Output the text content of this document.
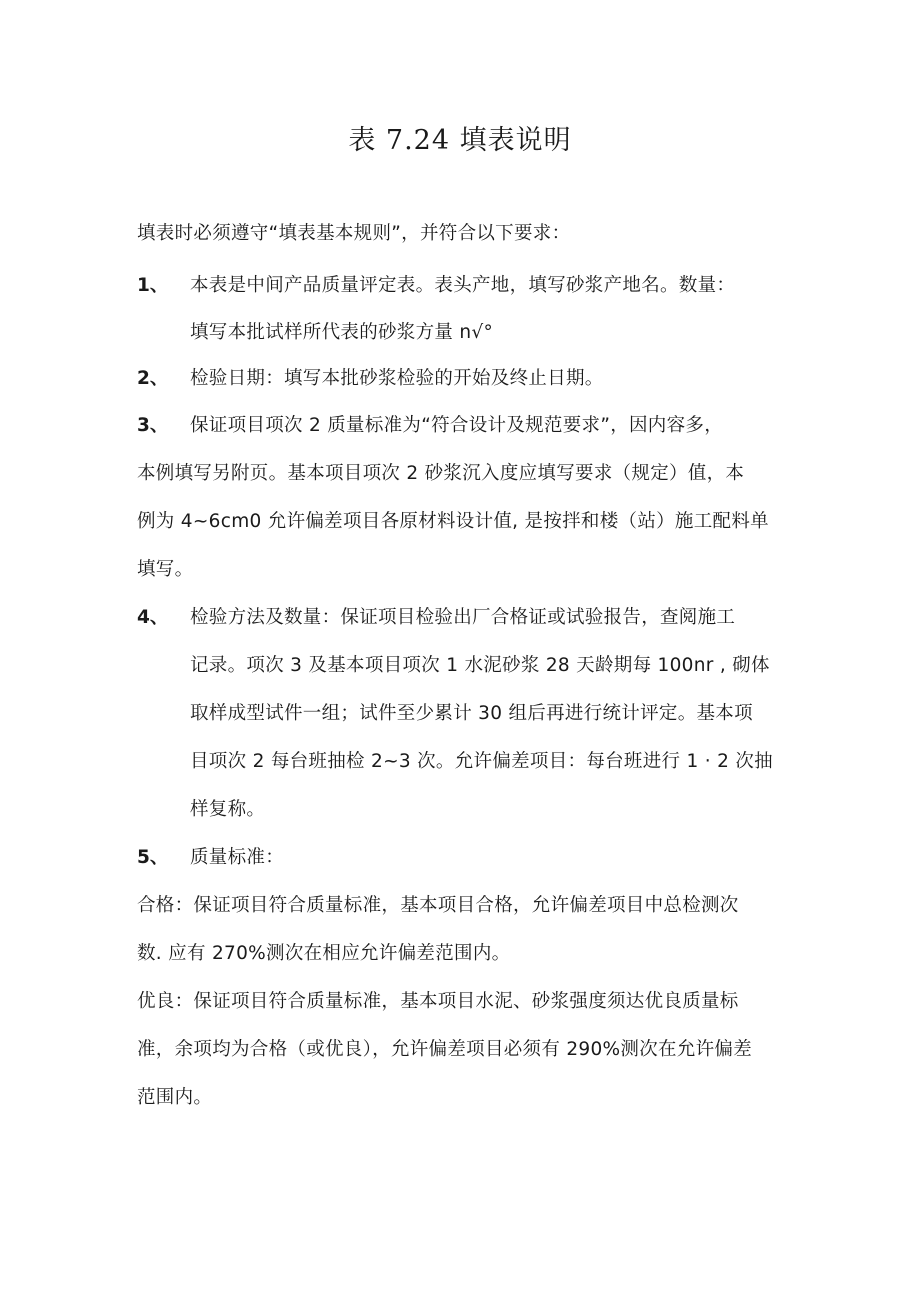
表 7.24 填表说明
填表时必须遵守“填表基本规则”，并符合以下要求：
1、 本表是中间产品质量评定表。表头产地，填写砂浆产地名。数量：
填写本批试样所代表的砂浆方量 n√°
2、 检验日期：填写本批砂浆检验的开始及终止日期。
3、 保证项目项次 2 质量标准为“符合设计及规范要求”，因内容多，
本例填写另附页。基本项目项次 2 砂浆沉入度应填写要求（规定）值，本
例为 4~6cm0 允许偏差项目各原材料设计值, 是按拌和楼（站）施工配料单
填写。
4、 检验方法及数量：保证项目检验出厂合格证或试验报告，查阅施工
记录。项次 3 及基本项目项次 1 水泥砂浆 28 天龄期每 100nr , 砌体
取样成型试件一组；试件至少累计 30 组后再进行统计评定。基本项
目项次 2 每台班抽检 2~3 次。允许偏差项目：每台班进行 1 · 2 次抽
样复称。
5、 质量标准：
合格：保证项目符合质量标准，基本项目合格，允许偏差项目中总检测次
数. 应有 270%测次在相应允许偏差范围内。
优良：保证项目符合质量标准，基本项目水泥、砂浆强度须达优良质量标
准，余项均为合格（或优良），允许偏差项目必须有 290%测次在允许偏差
范围内。
